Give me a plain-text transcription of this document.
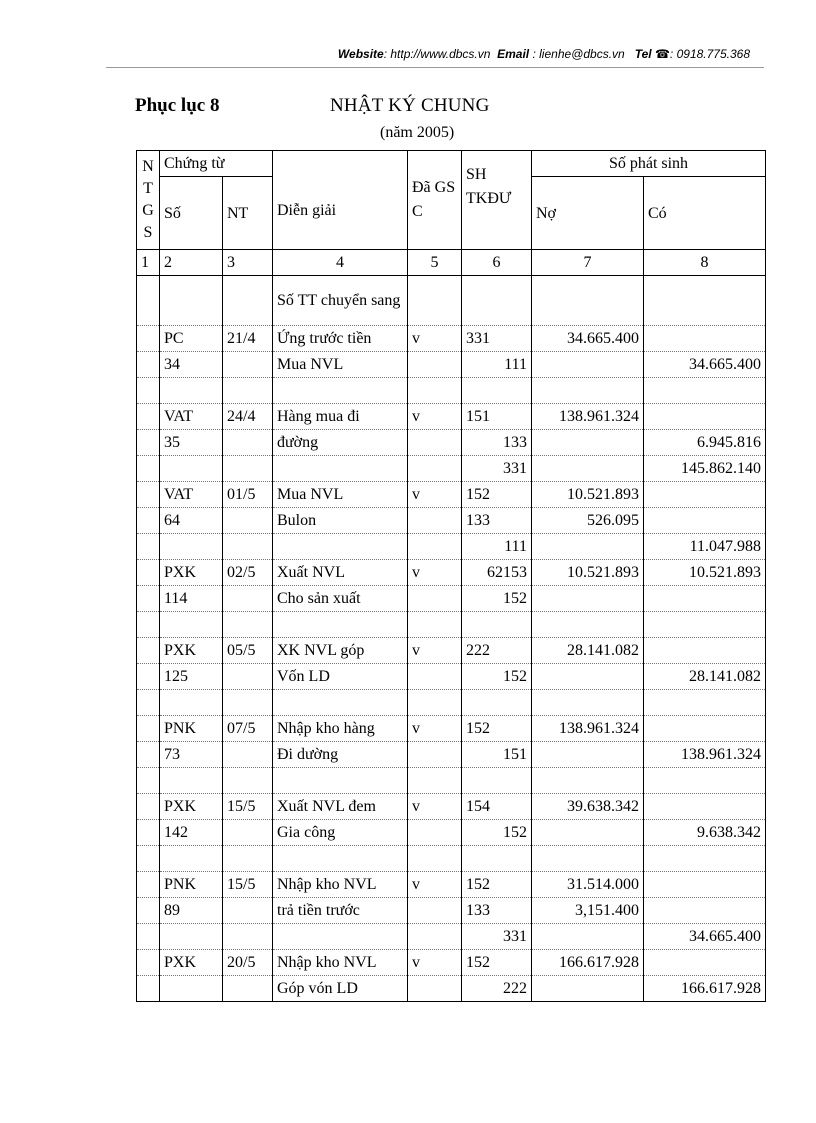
Website: http://www.dbcs.vn Email : lienhe@dbcs.vn Tel ☎: 0918.775.368
Phục lục 8	NHẬT KÝ CHUNG
(năm 2005)
N T G S	Chứng từ		Diễn giải	Đã GS C	SH TKĐƯ	Số phát sinh	
	Số	NT				Nợ	Có
1	2	3	4	5	6	7	8
			Số TT chuyển sang				
	PC	21/4	Ứng trước tiền	v	331	34.665.400	
	34		Mua NVL		111		34.665.400

	VAT	24/4	Hàng mua đi	v	151	138.961.324	
	35		đường		133		6.945.816
					331		145.862.140
	VAT	01/5	Mua NVL	v	152	10.521.893	
	64		Bulon		133	526.095	
					111		11.047.988
	PXK	02/5	Xuất NVL	v	62153	10.521.893	10.521.893
	114		Cho sản xuất		152		

	PXK	05/5	XK NVL góp	v	222	28.141.082	
	125		Vốn LD		152		28.141.082

	PNK	07/5	Nhập kho hàng	v	152	138.961.324	
	73		Đi dường		151		138.961.324

	PXK	15/5	Xuất NVL đem	v	154	39.638.342	
	142		Gia công		152		9.638.342

	PNK	15/5	Nhập kho NVL	v	152	31.514.000	
	89		trả tiền trước		133	3,151.400	
					331		34.665.400
	PXK	20/5	Nhập kho NVL	v	152	166.617.928	
			Góp vón LD		222		166.617.928
